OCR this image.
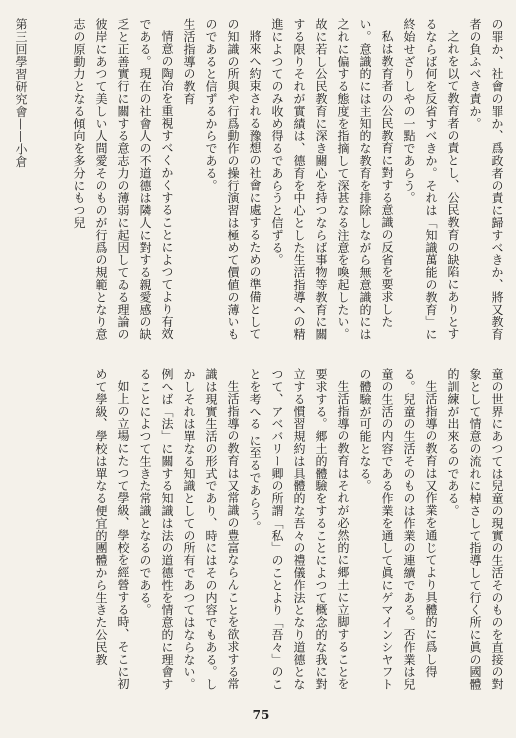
第三回學習研究會——小倉	の罪か、社會の罪か、爲政者の責に歸すべきか、將又教育者の負ふべき責か。

之れを以て教育者の責とし、公民教育の缺陷にありとするならば何を反省すべきか。それは「知識萬能の教育」に終始せざりしやの一點であらう。

私は教育者の公民教育に對する意識の反省を要求したい。意識的には主知的な教育を排除しながら無意識的には之れに偏する態度を指摘して深甚なる注意を喚起したい。故に若し公民教育に深き關心を持つならば事物等教育に關する限りそれが實績は、德育を中心とした生活指導への精進によつてのみ收め得るであらうと信ずる。

將來へ約束される豫想の社會に處するための準備としての知識の所與や行爲動作の操行演習は極めて價値の薄いものであると信ずるからである。

生活指導の教育

情意の陶冶を重視すべくかくすることによつてより有效である。現在の社會人の不道德は隣人に對する親愛感の缺乏と正善實行に關する意志力の薄弱に起因してゐる理論の彼岸にあつて美しい人間愛そのものが行爲の規範となり意志の原動力となる傾向を多分にもつ兒

童の世界にあつては兒童の現實の生活そのものを直接の對象として情意の流れに棹さして指導して行く所に眞の國體的訓練が出來るのである。

生活指導の教育は又作業を通じてより具體的に爲し得る。兒童の生活そのものは作業の連續である。否作業は兒童の生活の内容である作業を通して眞にゲマインシヤフトの體驗が可能となる。

生活指導の教育はそれが必然的に郷土に立脚することを要求する。郷土的體驗をすることによつて概念的な我に對立する慣習規約は具體的な吾々の禮儀作法となり道德となつて、アベバリー卿の所謂「私」のことより「吾々」のことを考へる に至るであらう。

生活指導の教育は又常識の豊富ならんことを欲求する常識は現實生活の形式であり、時にはその内容でもある。しかしそれは單なる知識としての所有であつてはならない。例へば「法」に關する知識は法の道德性を情意的に理會することによつて生きた常識となるのである。

如上の立場にたつて學級、學校を經營する時、そこに初めて學級、學校は單なる便宜的團體から生きた公民教

75
